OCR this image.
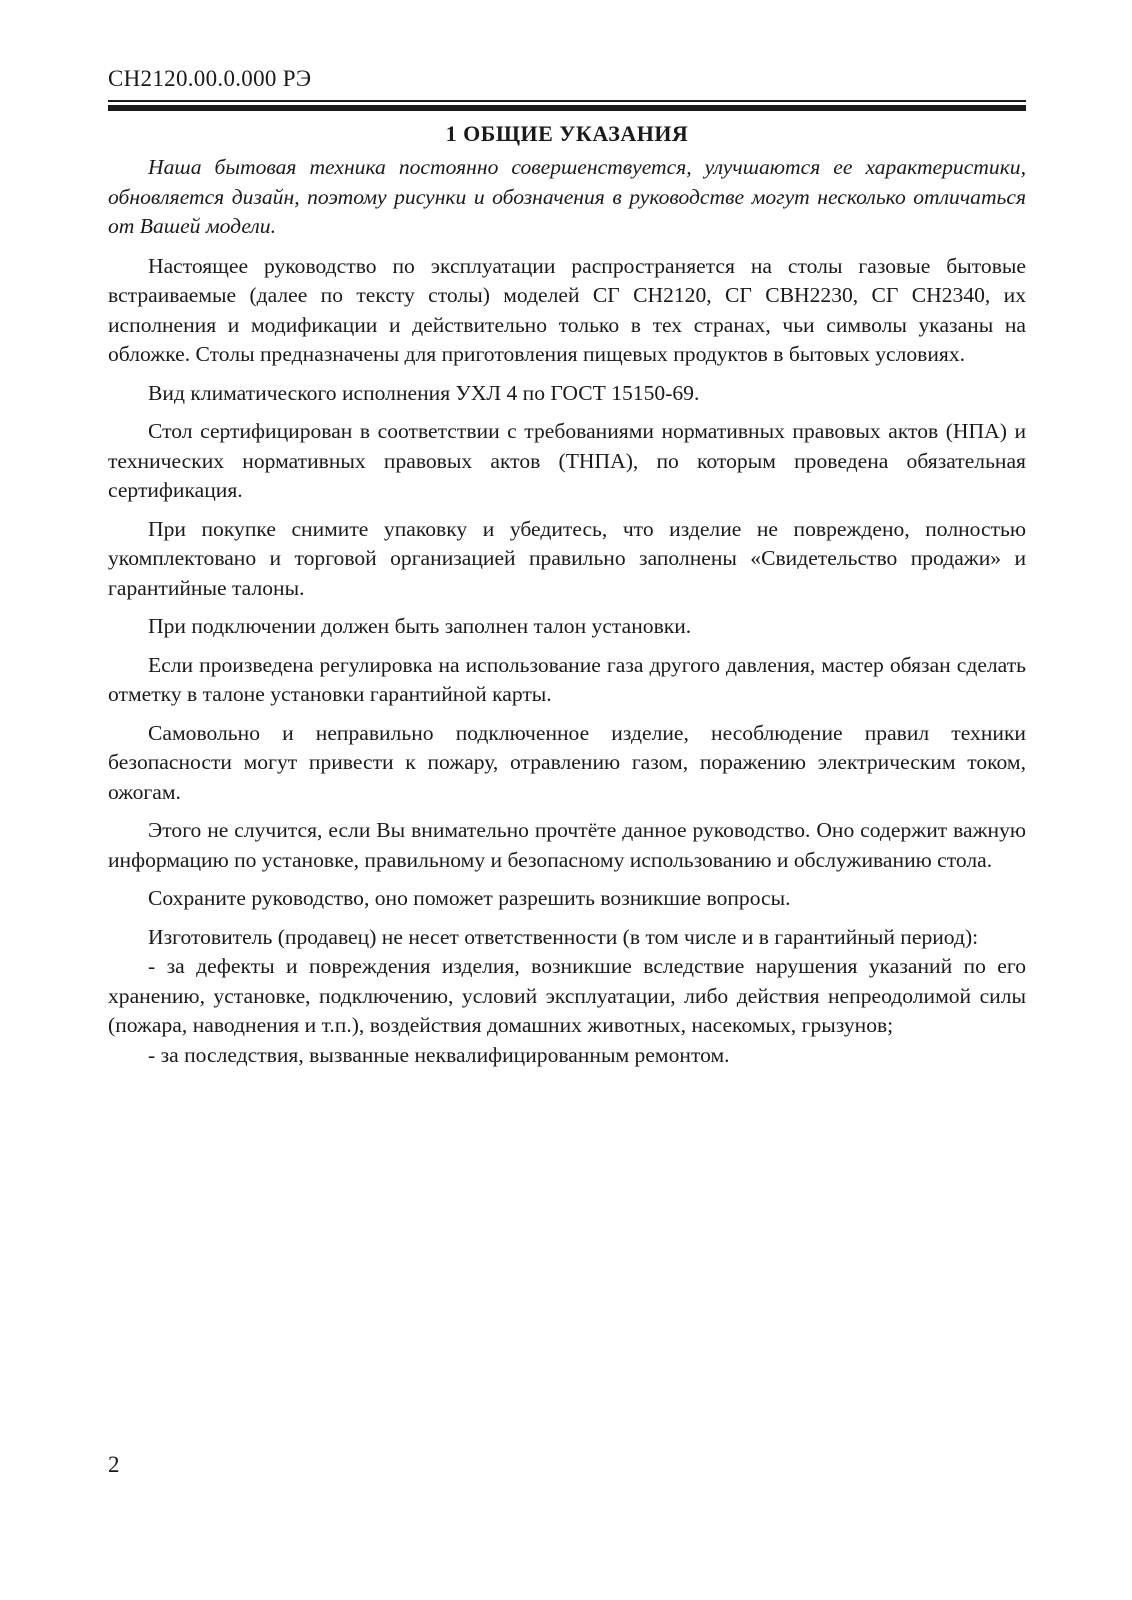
СН2120.00.0.000 РЭ
1 ОБЩИЕ УКАЗАНИЯ

Наша бытовая техника постоянно совершенствуется, улучшаются ее характеристики, обновляется дизайн, поэтому рисунки и обозначения в руководстве могут несколько отличаться от Вашей модели.

Настоящее руководство по эксплуатации распространяется на столы газовые бытовые встраиваемые (далее по тексту столы) моделей СГ СН2120, СГ СВН2230, СГ СН2340, их исполнения и модификации и действительно только в тех странах, чьи символы указаны на обложке. Столы предназначены для приготовления пищевых продуктов в бытовых условиях.

Вид климатического исполнения УХЛ 4 по ГОСТ 15150-69.

Стол сертифицирован в соответствии с требованиями нормативных правовых актов (НПА) и технических нормативных правовых актов (ТНПА), по которым проведена обязательная сертификация.

При покупке снимите упаковку и убедитесь, что изделие не повреждено, полностью укомплектовано и торговой организацией правильно заполнены «Свидетельство продажи» и гарантийные талоны.

При подключении должен быть заполнен талон установки.

Если произведена регулировка на использование газа другого давления, мастер обязан сделать отметку в талоне установки гарантийной карты.

Самовольно и неправильно подключенное изделие, несоблюдение правил техники безопасности могут привести к пожару, отравлению газом, поражению электрическим током, ожогам.

Этого не случится, если Вы внимательно прочтёте данное руководство. Оно содержит важную информацию по установке, правильному и безопасному использованию и обслуживанию стола.

Сохраните руководство, оно поможет разрешить возникшие вопросы.

Изготовитель (продавец) не несет ответственности (в том числе и в гарантийный период):

- за дефекты и повреждения изделия, возникшие вследствие нарушения указаний по его хранению, установке, подключению, условий эксплуатации, либо действия непреодолимой силы (пожара, наводнения и т.п.), воздействия домашних животных, насекомых, грызунов;

- за последствия, вызванные неквалифицированным ремонтом.

2
